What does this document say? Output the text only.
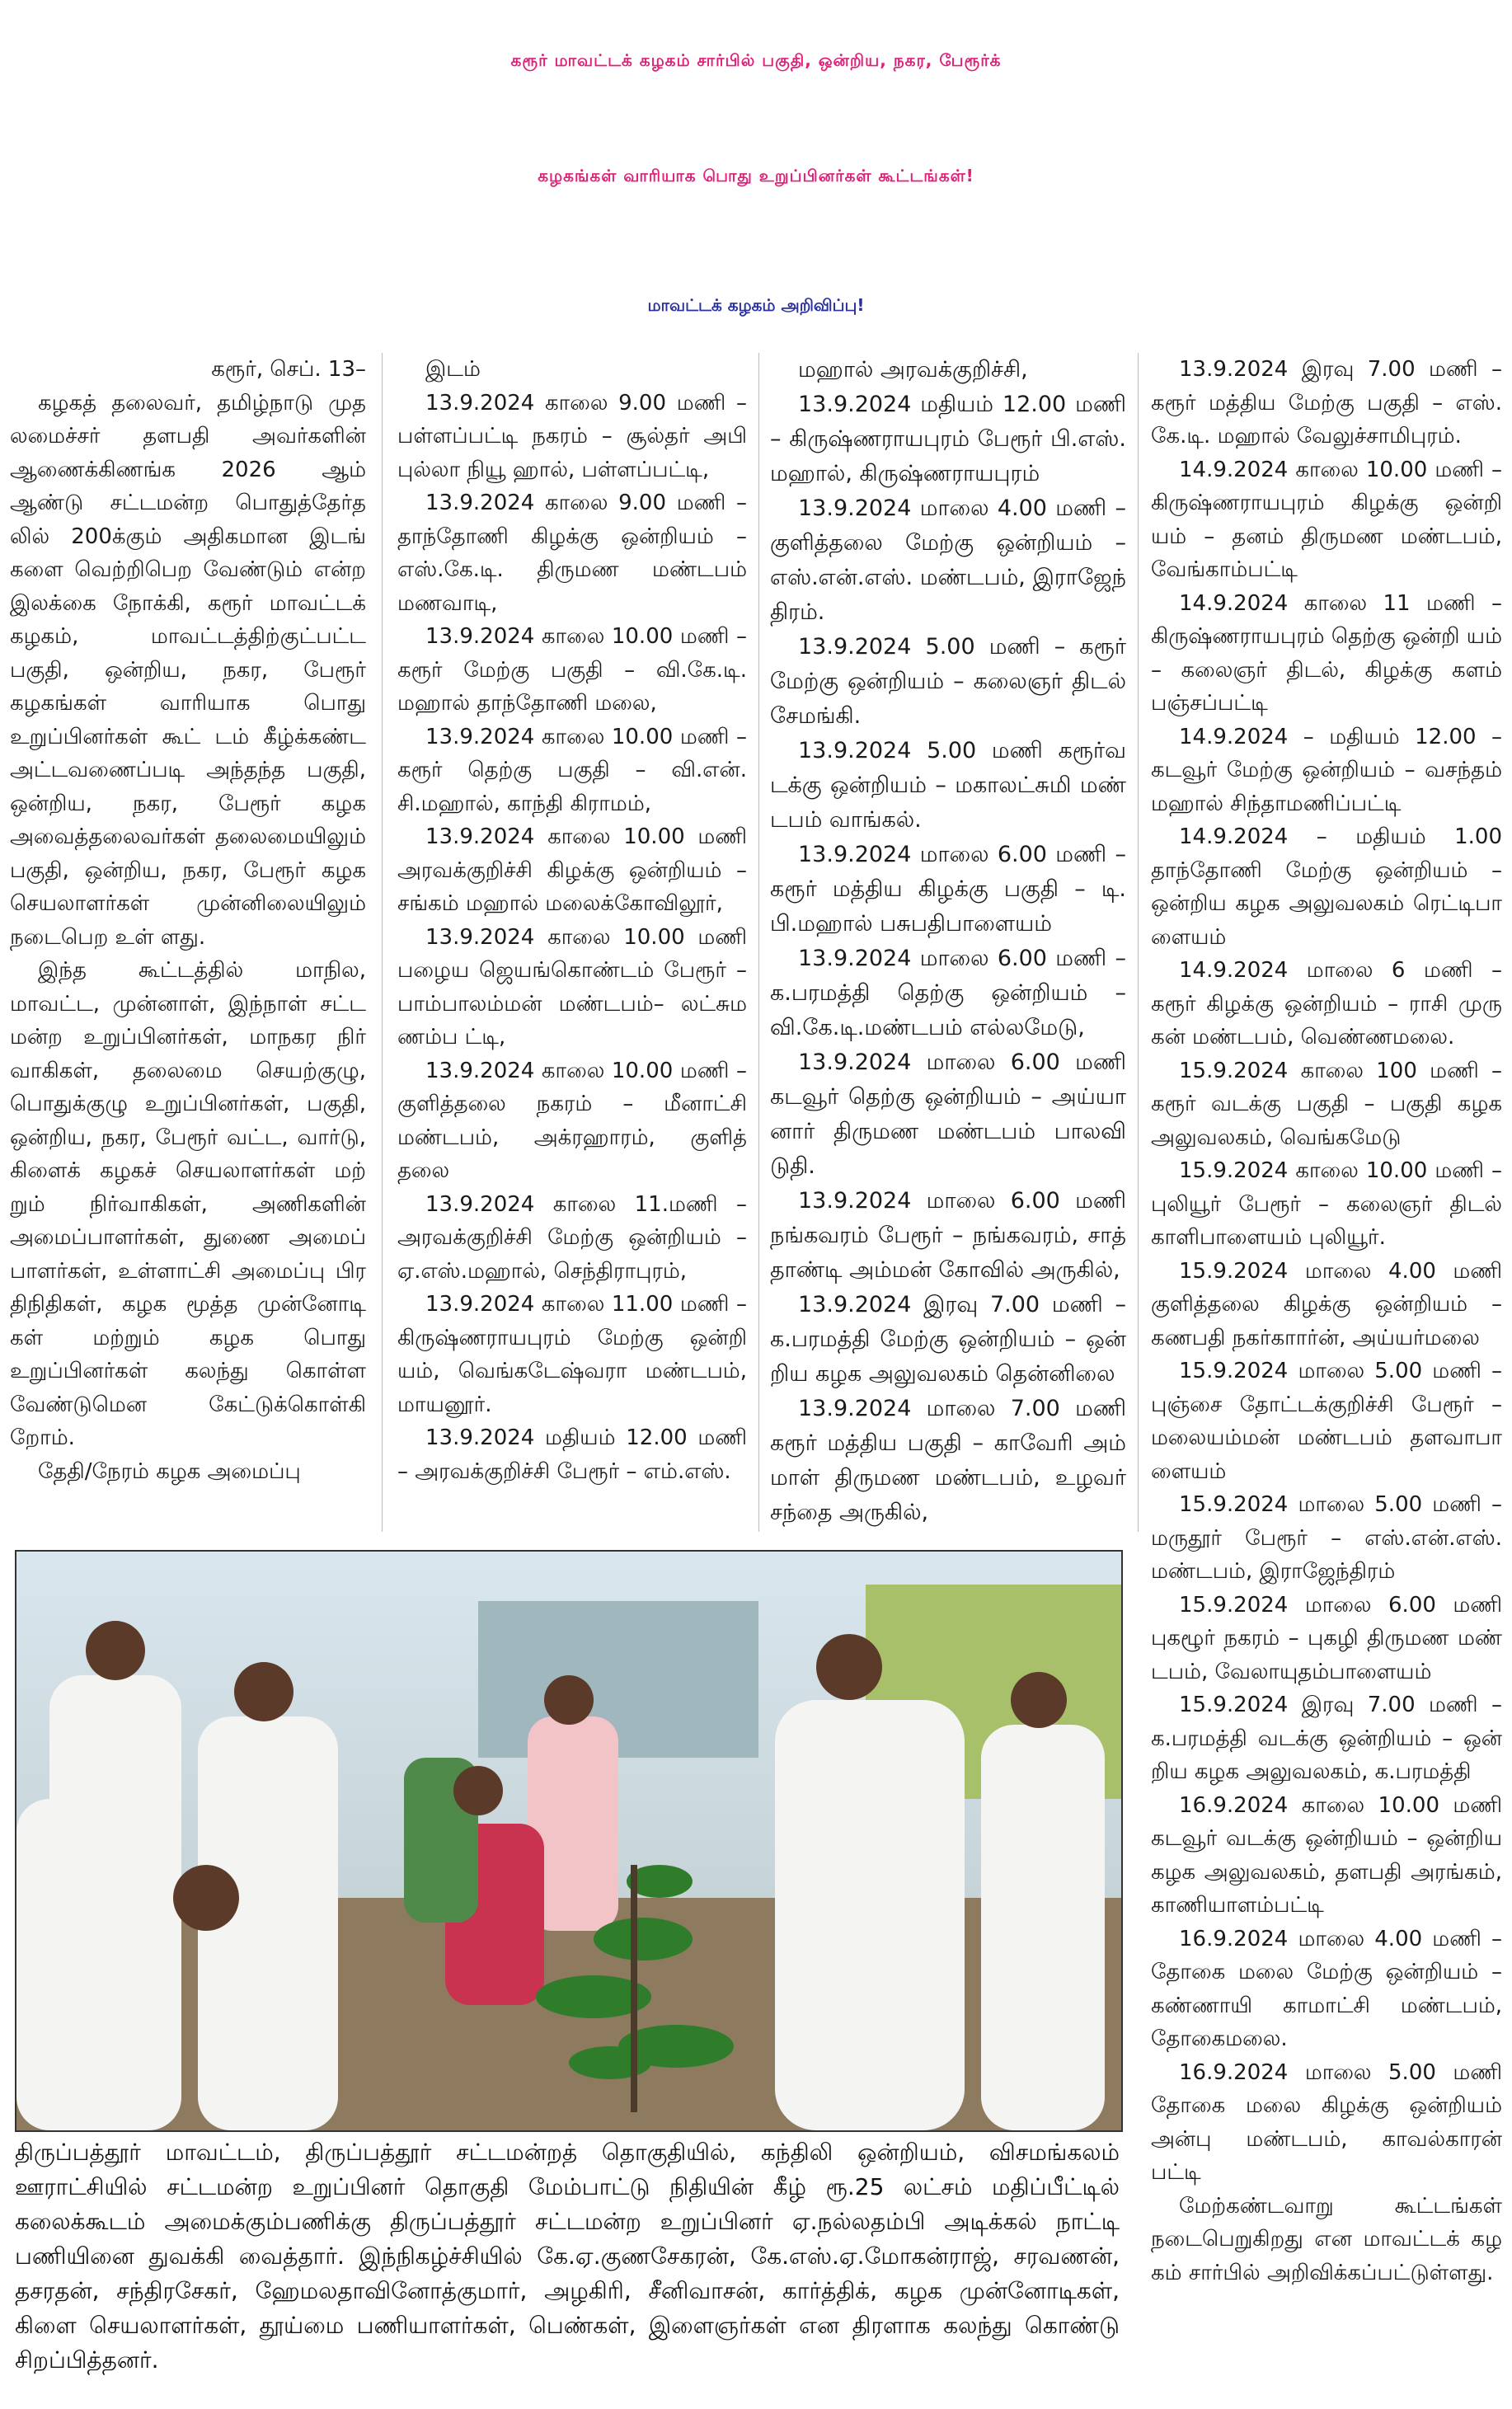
கரூர் மாவட்டக் கழகம் சார்பில் பகுதி, ஒன்றிய, நகர, பேரூர்க்
கழகங்கள் வாரியாக பொது உறுப்பினர்கள் கூட்டங்கள்!
மாவட்டக் கழகம் அறிவிப்பு!

கரூர், செப். 13–

கழகத் தலைவர், தமிழ்நாடு முத லமைச்சர் தளபதி அவர்களின் ஆணைக்கிணங்க 2026 ஆம் ஆண்டு சட்டமன்ற பொதுத்தேர்த லில் 200க்கும் அதிகமான இடங் களை வெற்றிபெற வேண்டும் என்ற இலக்கை நோக்கி, கரூர் மாவட்டக் கழகம், மாவட்டத்திற்குட்பட்ட பகுதி, ஒன்றிய, நகர, பேரூர் கழகங்கள் வாரியாக பொது உறுப்பினர்கள் கூட் டம் கீழ்க்கண்ட அட்டவணைப்படி அந்தந்த பகுதி, ஒன்றிய, நகர, பேரூர் கழக அவைத்தலைவர்கள் தலைமையிலும் பகுதி, ஒன்றிய, நகர, பேரூர் கழக செயலாளர்கள் முன்னிலையிலும் நடைபெற உள் ளது.

இந்த கூட்டத்தில் மாநில, மாவட்ட, முன்னாள், இந்நாள் சட்ட மன்ற உறுப்பினர்கள், மாநகர நிர் வாகிகள், தலைமை செயற்குழு, பொதுக்குழு உறுப்பினர்கள், பகுதி, ஒன்றிய, நகர, பேரூர் வட்ட, வார்டு, கிளைக் கழகச் செயலாளர்கள் மற் றும் நிர்வாகிகள், அணிகளின் அமைப்பாளர்கள், துணை அமைப் பாளர்கள், உள்ளாட்சி அமைப்பு பிர திநிதிகள், கழக மூத்த முன்னோடி கள் மற்றும் கழக பொது உறுப்பினர்கள் கலந்து கொள்ள வேண்டுமென கேட்டுக்கொள்கி றோம்.

தேதி/நேரம் கழக அமைப்பு

இடம்

13.9.2024 காலை 9.00 மணி – பள்ளப்பட்டி நகரம் – சூல்தர் அபி புல்லா நியூ ஹால், பள்ளப்பட்டி,

13.9.2024 காலை 9.00 மணி – தாந்தோணி கிழக்கு ஒன்றியம் – எஸ்.கே.டி. திருமண மண்டபம் மணவாடி,

13.9.2024 காலை 10.00 மணி – கரூர் மேற்கு பகுதி – வி.கே.டி. மஹால் தாந்தோணி மலை,

13.9.2024 காலை 10.00 மணி – கரூர் தெற்கு பகுதி – வி.என். சி.மஹால், காந்தி கிராமம்,

13.9.2024 காலை 10.00 மணி அரவக்குறிச்சி கிழக்கு ஒன்றியம் – சங்கம் மஹால் மலைக்கோவிலூர்,

13.9.2024 காலை 10.00 மணி பழைய ஜெயங்கொண்டம் பேரூர் – பாம்பாலம்மன் மண்டபம்– லட்சும ணம்ப ட்டி,

13.9.2024 காலை 10.00 மணி – குளித்தலை நகரம் – மீனாட்சி மண்டபம், அக்ரஹாரம், குளித் தலை

13.9.2024 காலை 11.மணி – அரவக்குறிச்சி மேற்கு ஒன்றியம் – ஏ.எஸ்.மஹால், செந்திராபுரம்,

13.9.2024 காலை 11.00 மணி – கிருஷ்ணராயபுரம் மேற்கு ஒன்றி யம், வெங்கடேஷ்வரா மண்டபம், மாயனூர்.

13.9.2024 மதியம் 12.00 மணி – அரவக்குறிச்சி பேரூர் – எம்.எஸ்.

மஹால் அரவக்குறிச்சி,

13.9.2024 மதியம் 12.00 மணி – கிருஷ்ணராயபுரம் பேரூர் பி.எஸ். மஹால், கிருஷ்ணராயபுரம்

13.9.2024 மாலை 4.00 மணி – குளித்தலை மேற்கு ஒன்றியம் – எஸ்.என்.எஸ். மண்டபம், இராஜேந் திரம்.

13.9.2024 5.00 மணி – கரூர் மேற்கு ஒன்றியம் – கலைஞர் திடல் சேமங்கி.

13.9.2024 5.00 மணி கரூர்வ டக்கு ஒன்றியம் – மகாலட்சுமி மண் டபம் வாங்கல்.

13.9.2024 மாலை 6.00 மணி – கரூர் மத்திய கிழக்கு பகுதி – டி. பி.மஹால் பசுபதிபாளையம்

13.9.2024 மாலை 6.00 மணி – க.பரமத்தி தெற்கு ஒன்றியம் – வி.கே.டி.மண்டபம் எல்லமேடு,

13.9.2024 மாலை 6.00 மணி கடவூர் தெற்கு ஒன்றியம் – அய்யா னார் திருமண மண்டபம் பாலவி டுதி.

13.9.2024 மாலை 6.00 மணி நங்கவரம் பேரூர் – நங்கவரம், சாத் தாண்டி அம்மன் கோவில் அருகில்,

13.9.2024 இரவு 7.00 மணி – க.பரமத்தி மேற்கு ஒன்றியம் – ஒன் றிய கழக அலுவலகம் தென்னிலை

13.9.2024 மாலை 7.00 மணி கரூர் மத்திய பகுதி – காவேரி அம் மாள் திருமண மண்டபம், உழவர் சந்தை அருகில்,

13.9.2024 இரவு 7.00 மணி – கரூர் மத்திய மேற்கு பகுதி – எஸ். கே.டி. மஹால் வேலுச்சாமிபுரம்.

14.9.2024 காலை 10.00 மணி – கிருஷ்ணராயபுரம் கிழக்கு ஒன்றி யம் – தனம் திருமண மண்டபம், வேங்காம்பட்டி

14.9.2024 காலை 11 மணி – கிருஷ்ணராயபுரம் தெற்கு ஒன்றி யம் – கலைஞர் திடல், கிழக்கு களம் பஞ்சப்பட்டி

14.9.2024 – மதியம் 12.00 – கடவூர் மேற்கு ஒன்றியம் – வசந்தம் மஹால் சிந்தாமணிப்பட்டி

14.9.2024 – மதியம் 1.00 தாந்தோணி மேற்கு ஒன்றியம் – ஒன்றிய கழக அலுவலகம் ரெட்டிபா ளையம்

14.9.2024 மாலை 6 மணி – கரூர் கிழக்கு ஒன்றியம் – ராசி முரு கன் மண்டபம், வெண்ணமலை.

15.9.2024 காலை 100 மணி – கரூர் வடக்கு பகுதி – பகுதி கழக அலுவலகம், வெங்கமேடு

15.9.2024 காலை 10.00 மணி – புலியூர் பேரூர் – கலைஞர் திடல் காளிபாளையம் புலியூர்.

15.9.2024 மாலை 4.00 மணி குளித்தலை கிழக்கு ஒன்றியம் – கணபதி நகர்காார்ன், அய்யர்மலை

15.9.2024 மாலை 5.00 மணி – புஞ்சை தோட்டக்குறிச்சி பேரூர் – மலையம்மன் மண்டபம் தளவாபா ளையம்

15.9.2024 மாலை 5.00 மணி – மருதூர் பேரூர் – எஸ்.என்.எஸ். மண்டபம், இராஜேந்திரம்

15.9.2024 மாலை 6.00 மணி புகழூர் நகரம் – புகழி திருமண மண் டபம், வேலாயுதம்பாளையம்

15.9.2024 இரவு 7.00 மணி – க.பரமத்தி வடக்கு ஒன்றியம் – ஒன் றிய கழக அலுவலகம், க.பரமத்தி

16.9.2024 காலை 10.00 மணி கடவூர் வடக்கு ஒன்றியம் – ஒன்றிய கழக அலுவலகம், தளபதி அரங்கம், காணியாளம்பட்டி

16.9.2024 மாலை 4.00 மணி – தோகை மலை மேற்கு ஒன்றியம் – கண்ணாயி காமாட்சி மண்டபம், தோகைமலை.

16.9.2024 மாலை 5.00 மணி தோகை மலை கிழக்கு ஒன்றியம் அன்பு மண்டபம், காவல்காரன் பட்டி

மேற்கண்டவாறு கூட்டங்கள் நடைபெறுகிறது என மாவட்டக் கழ கம் சார்பில் அறிவிக்கப்பட்டுள்ளது.

திருப்பத்தூர் மாவட்டம், திருப்பத்தூர் சட்டமன்றத் தொகுதியில், கந்திலி ஒன்றியம், விசமங்கலம் ஊராட்சியில் சட்டமன்ற உறுப்பினர் தொகுதி மேம்பாட்டு நிதியின் கீழ் ரூ.25 லட்சம் மதிப்பீட்டில் கலைக்கூடம் அமைக்கும்பணிக்கு திருப்பத்தூர் சட்டமன்ற உறுப்பினர் ஏ.நல்லதம்பி அடிக்கல் நாட்டி பணியினை துவக்கி வைத்தார். இந்நிகழ்ச்சியில் கே.ஏ.குணசேகரன், கே.எஸ்.ஏ.மோகன்ராஜ், சரவணன், தசரதன், சந்திரசேகர், ஹேமலதாவினோத்குமார், அழகிரி, சீனிவாசன், கார்த்திக், கழக முன்னோடிகள், கிளை செயலாளர்கள், தூய்மை பணியாளர்கள், பெண்கள், இளைஞர்கள் என திரளாக கலந்து கொண்டு சிறப்பித்தனர்.
